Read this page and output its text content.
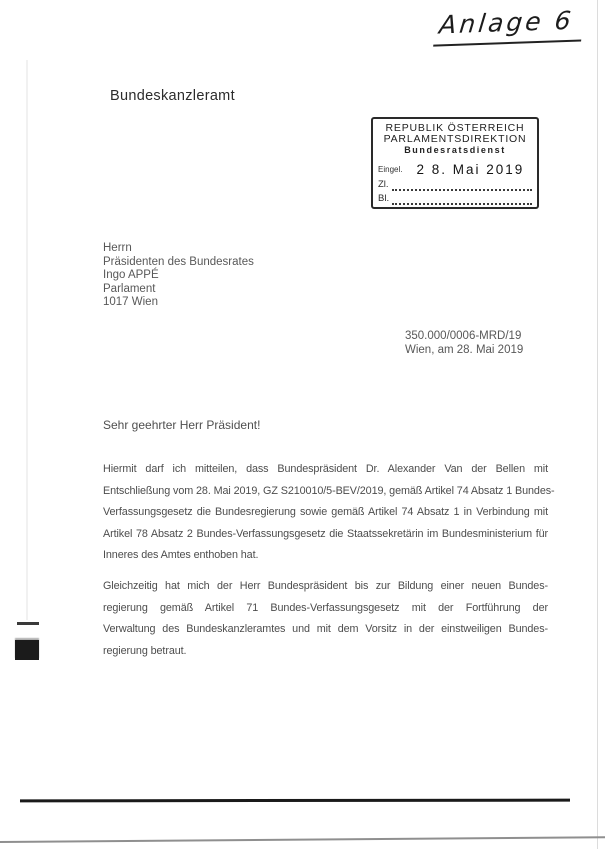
Anlage 6
Bundeskanzleramt
REPUBLIK ÖSTERREICH
PARLAMENTSDIREKTION
Bundesratsdienst
Eingel. 2 8. Mai 2019
Zl.
Bl.
Herrn
Präsidenten des Bundesrates
Ingo APPÉ
Parlament
1017 Wien
350.000/0006-MRD/19
Wien, am 28. Mai 2019
Sehr geehrter Herr Präsident!
Hiermit darf ich mitteilen, dass Bundespräsident Dr. Alexander Van der Bellen mit
Entschließung vom 28. Mai 2019, GZ S210010/5-BEV/2019, gemäß Artikel 74 Absatz 1 Bundes-
Verfassungsgesetz die Bundesregierung sowie gemäß Artikel 74 Absatz 1 in Verbindung mit
Artikel 78 Absatz 2 Bundes-Verfassungsgesetz die Staatssekretärin im Bundesministerium für
Inneres des Amtes enthoben hat.
Gleichzeitig hat mich der Herr Bundespräsident bis zur Bildung einer neuen Bundes-
regierung gemäß Artikel 71 Bundes-Verfassungsgesetz mit der Fortführung der
Verwaltung des Bundeskanzleramtes und mit dem Vorsitz in der einstweiligen Bundes-
regierung betraut.
